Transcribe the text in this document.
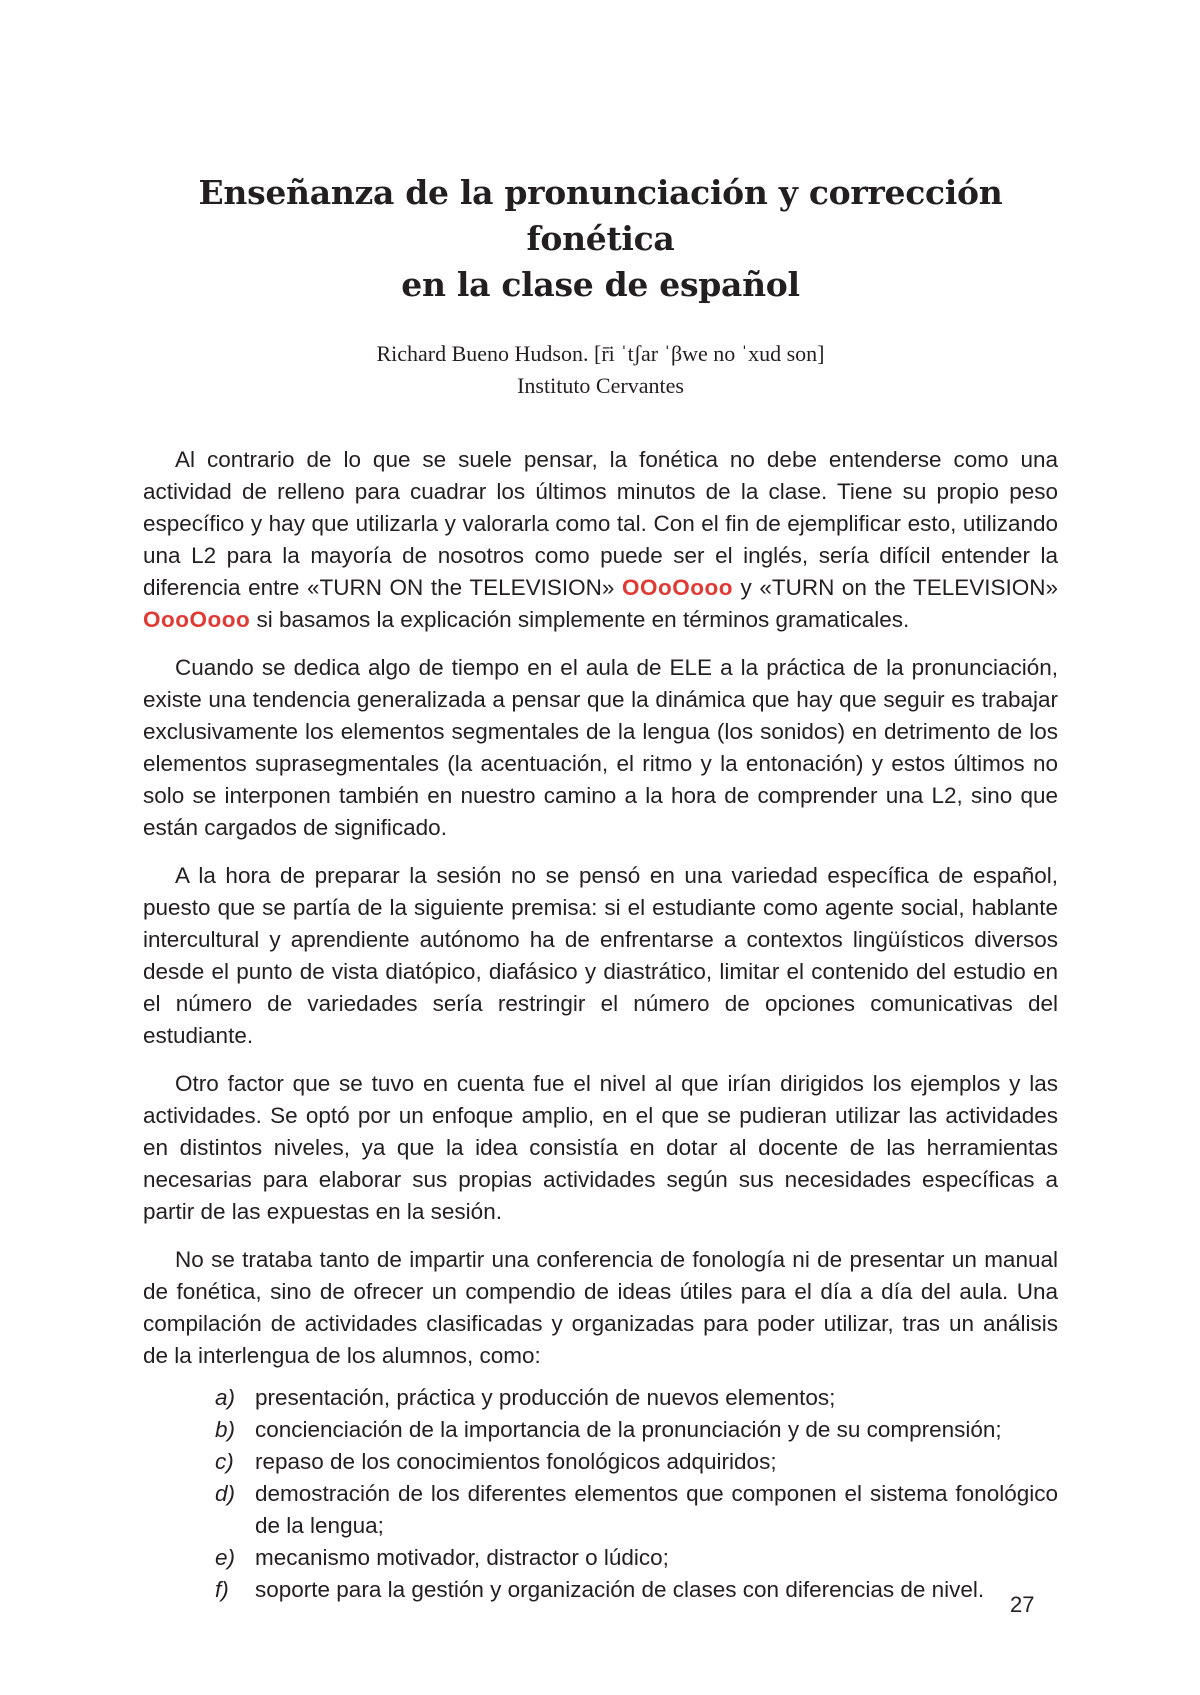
Enseñanza de la pronunciación y corrección fonética
en la clase de español
Richard Bueno Hudson. [r̄i ˈtʃar ˈβwe no ˈxud son]
Instituto Cervantes

Al contrario de lo que se suele pensar, la fonética no debe entenderse como una actividad de relleno para cuadrar los últimos minutos de la clase. Tiene su propio peso específico y hay que utilizarla y valorarla como tal. Con el fin de ejemplificar esto, utilizando una L2 para la mayoría de nosotros como puede ser el inglés, sería difícil entender la diferencia entre «TURN ON the TELEVISION» OOoOooo y «TURN on the TELEVISION» OooOooo si basamos la explicación simplemente en términos gramaticales.

Cuando se dedica algo de tiempo en el aula de ELE a la práctica de la pronunciación, existe una tendencia generalizada a pensar que la dinámica que hay que seguir es trabajar exclusivamente los elementos segmentales de la lengua (los sonidos) en detrimento de los elementos suprasegmentales (la acentuación, el ritmo y la entonación) y estos últimos no solo se interponen también en nuestro camino a la hora de comprender una L2, sino que están cargados de significado.

A la hora de preparar la sesión no se pensó en una variedad específica de español, puesto que se partía de la siguiente premisa: si el estudiante como agente social, hablante intercultural y aprendiente autónomo ha de enfrentarse a contextos lingüísticos diversos desde el punto de vista diatópico, diafásico y diastrático, limitar el contenido del estudio en el número de variedades sería restringir el número de opciones comunicativas del estudiante.

Otro factor que se tuvo en cuenta fue el nivel al que irían dirigidos los ejemplos y las actividades. Se optó por un enfoque amplio, en el que se pudieran utilizar las actividades en distintos niveles, ya que la idea consistía en dotar al docente de las herramientas necesarias para elaborar sus propias actividades según sus necesidades específicas a partir de las expuestas en la sesión.

No se trataba tanto de impartir una conferencia de fonología ni de presentar un manual de fonética, sino de ofrecer un compendio de ideas útiles para el día a día del aula. Una compilación de actividades clasificadas y organizadas para poder utilizar, tras un análisis de la interlengua de los alumnos, como:

a) presentación, práctica y producción de nuevos elementos;
b) concienciación de la importancia de la pronunciación y de su comprensión;
c) repaso de los conocimientos fonológicos adquiridos;
d) demostración de los diferentes elementos que componen el sistema fonológico de la lengua;
e) mecanismo motivador, distractor o lúdico;
f) soporte para la gestión y organización de clases con diferencias de nivel.
27
